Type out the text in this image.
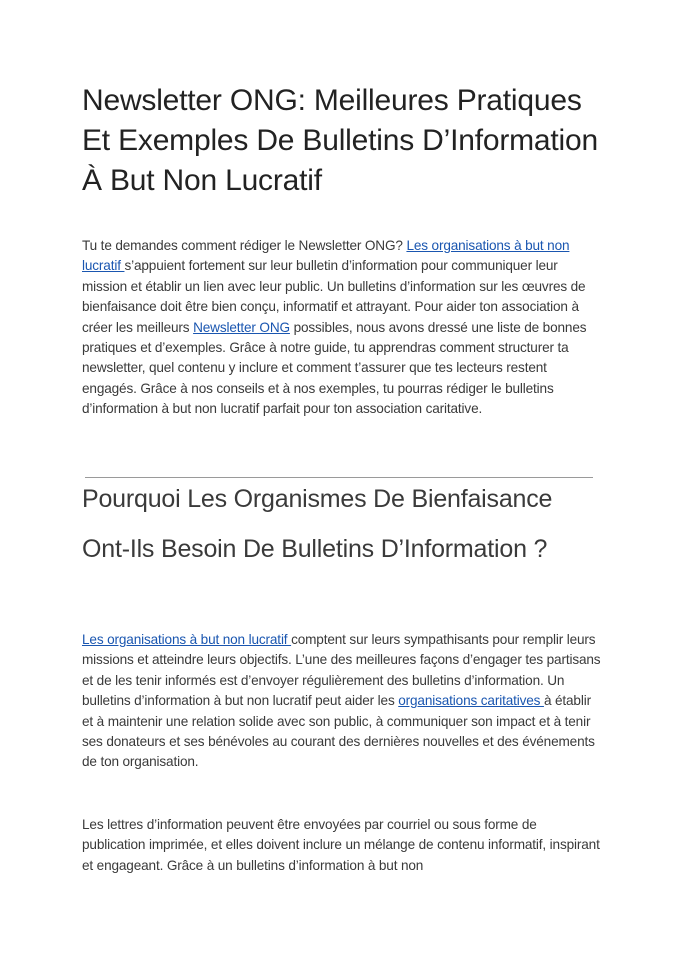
Newsletter ONG: Meilleures Pratiques Et Exemples De Bulletins D’Information À But Non Lucratif

Tu te demandes comment rédiger le Newsletter ONG? Les organisations à but non lucratif s’appuient fortement sur leur bulletin d’information pour communiquer leur mission et établir un lien avec leur public. Un bulletins d’information sur les œuvres de bienfaisance doit être bien conçu, informatif et attrayant. Pour aider ton association à créer les meilleurs Newsletter ONG possibles, nous avons dressé une liste de bonnes pratiques et d’exemples. Grâce à notre guide, tu apprendras comment structurer ta newsletter, quel contenu y inclure et comment t’assurer que tes lecteurs restent engagés. Grâce à nos conseils et à nos exemples, tu pourras rédiger le bulletins d’information à but non lucratif parfait pour ton association caritative.

Pourquoi Les Organismes De Bienfaisance Ont-Ils Besoin De Bulletins D’Information ?

Les organisations à but non lucratif comptent sur leurs sympathisants pour remplir leurs missions et atteindre leurs objectifs. L’une des meilleures façons d’engager tes partisans et de les tenir informés est d’envoyer régulièrement des bulletins d’information. Un bulletins d’information à but non lucratif peut aider les organisations caritatives à établir et à maintenir une relation solide avec son public, à communiquer son impact et à tenir ses donateurs et ses bénévoles au courant des dernières nouvelles et des événements de ton organisation.

Les lettres d’information peuvent être envoyées par courriel ou sous forme de publication imprimée, et elles doivent inclure un mélange de contenu informatif, inspirant et engageant. Grâce à un bulletins d’information à but non
